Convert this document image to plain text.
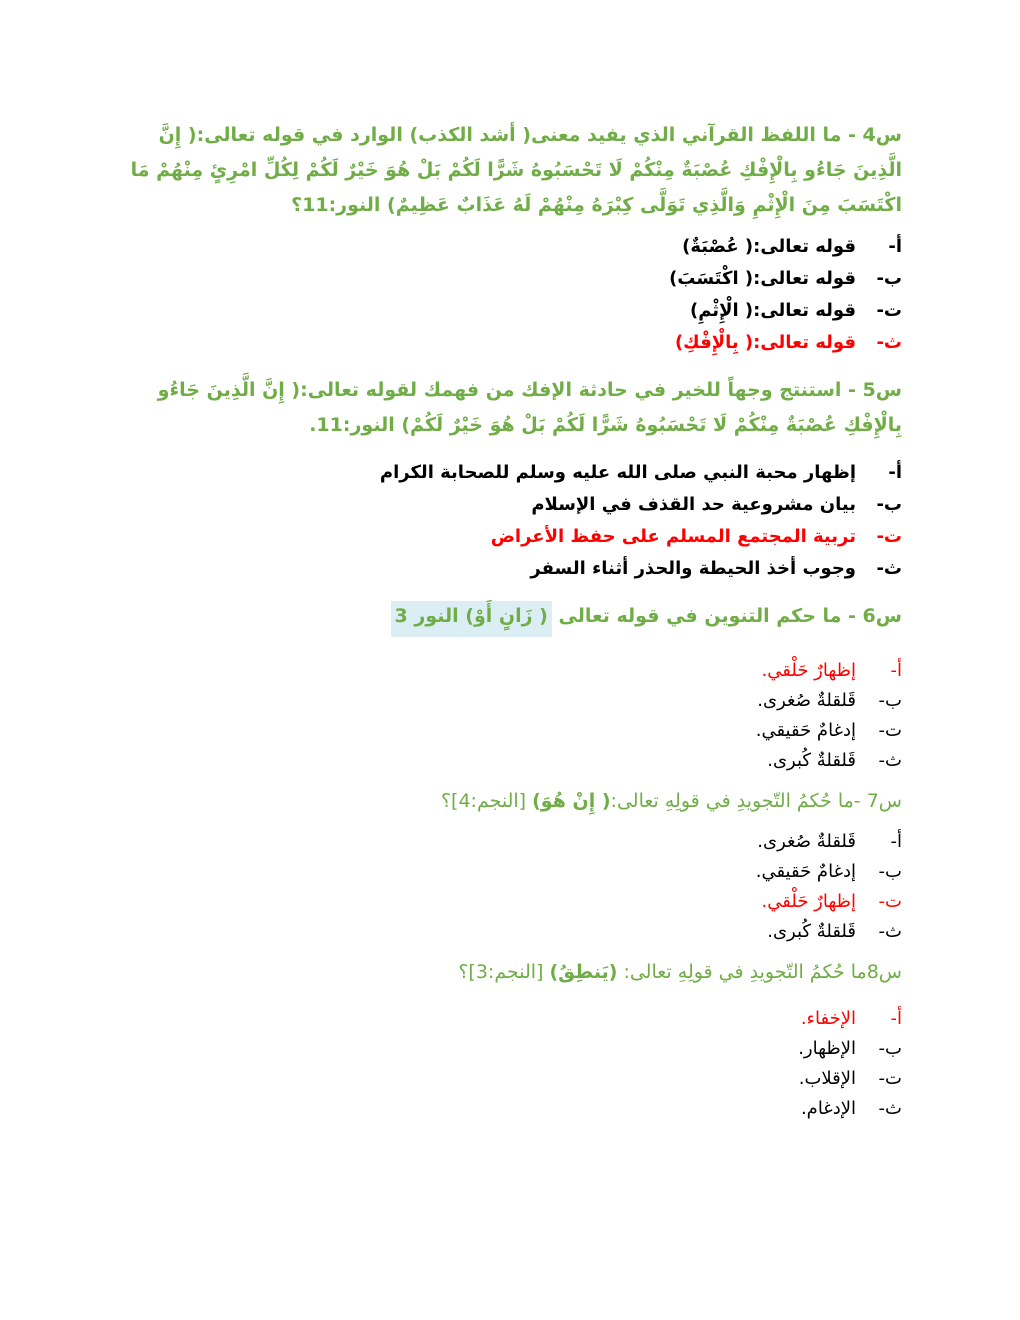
س4 - ما اللفظ القرآني الذي يفيد معنى( أشد الكذب) الوارد في قوله تعالى:( إِنَّ الَّذِينَ جَاءُو بِالْإِفْكِ عُصْبَةٌ مِنْكُمْ لَا تَحْسَبُوهُ شَرًّا لَكُمْ بَلْ هُوَ خَيْرٌ لَكُمْ لِكُلِّ امْرِئٍ مِنْهُمْ مَا اكْتَسَبَ مِنَ الْإِثْمِ وَالَّذِي تَوَلَّى كِبْرَهُ مِنْهُمْ لَهُ عَذَابٌ عَظِيمٌ) النور:11؟

أ-
قوله تعالى:( عُصْبَةٌ)
ب-
قوله تعالى:( اكْتَسَبَ)
ت-
قوله تعالى:( الْإِثْمِ)
ث-
قوله تعالى:( بِالْإِفْكِ)

س5 - استنتج وجهاً للخير في حادثة الإفك من فهمك لقوله تعالى:( إِنَّ الَّذِينَ جَاءُو بِالْإِفْكِ عُصْبَةٌ مِنْكُمْ لَا تَحْسَبُوهُ شَرًّا لَكُمْ بَلْ هُوَ خَيْرٌ لَكُمْ) النور:11.

أ-
إظهار محبة النبي صلى الله عليه وسلم للصحابة الكرام
ب-
بيان مشروعية حد القذف في الإسلام
ت-
تربية المجتمع المسلم على حفظ الأعراض
ث-
وجوب أخذ الحيطة والحذر أثناء السفر

س6 - ما حكم التنوين في قوله تعالى ( زَانٍ أَوْ) النور 3

أ-
إظهارٌ حَلْقي.
ب-
قَلقلةٌ صُغرى.
ت-
إدغامٌ حَقيقي.
ث-
قَلقلةٌ كُبرى.

س7 -ما حُكمُ التّجويدِ في قولِهِ تعالى:( إِنْ هُوَ) [النجم:4]؟

أ-
قَلقلةٌ صُغرى.
ب-
إدغامٌ حَقيقي.
ت-
إظهارٌ حَلْقي.
ث-
قَلقلةٌ كُبرى.

س8ما حُكمُ التّجويدِ في قولِهِ تعالى: (يَنطِقُ) [النجم:3]؟

أ-
الإخفاء.
ب-
الإظهار.
ت-
الإقلاب.
ث-
الإدغام.
